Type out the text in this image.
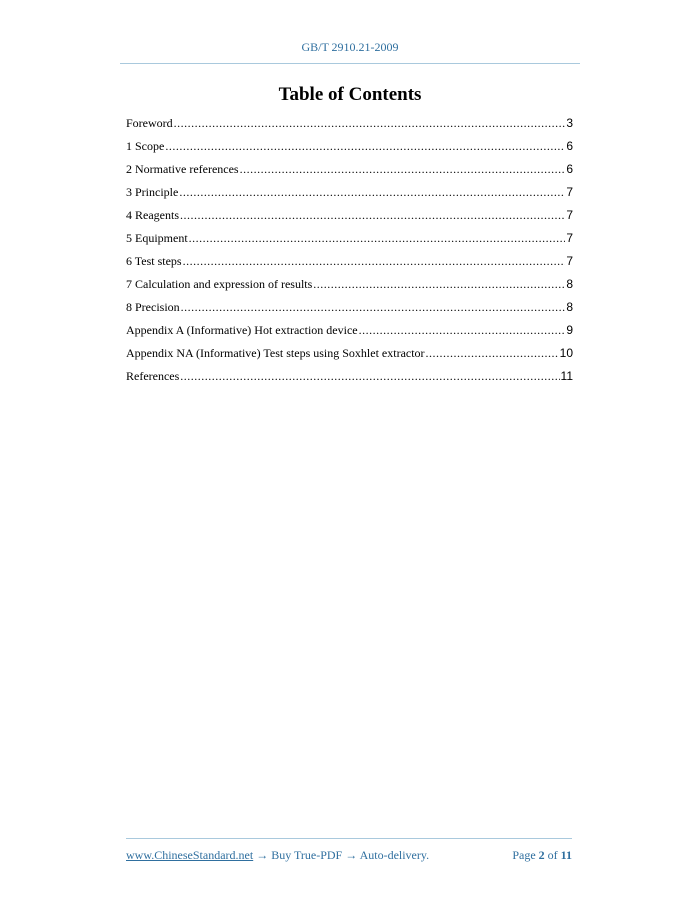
GB/T 2910.21-2009
Table of Contents
Foreword .....	3
1 Scope .....	6
2 Normative references .....	6
3 Principle .....	7
4 Reagents .....	7
5 Equipment .....	7
6 Test steps .....	7
7 Calculation and expression of results .....	8
8 Precision .....	8
Appendix A (Informative) Hot extraction device .....	9
Appendix NA (Informative) Test steps using Soxhlet extractor .....	10
References .....	11
www.ChineseStandard.net → Buy True-PDF → Auto-delivery.	Page 2 of 11
